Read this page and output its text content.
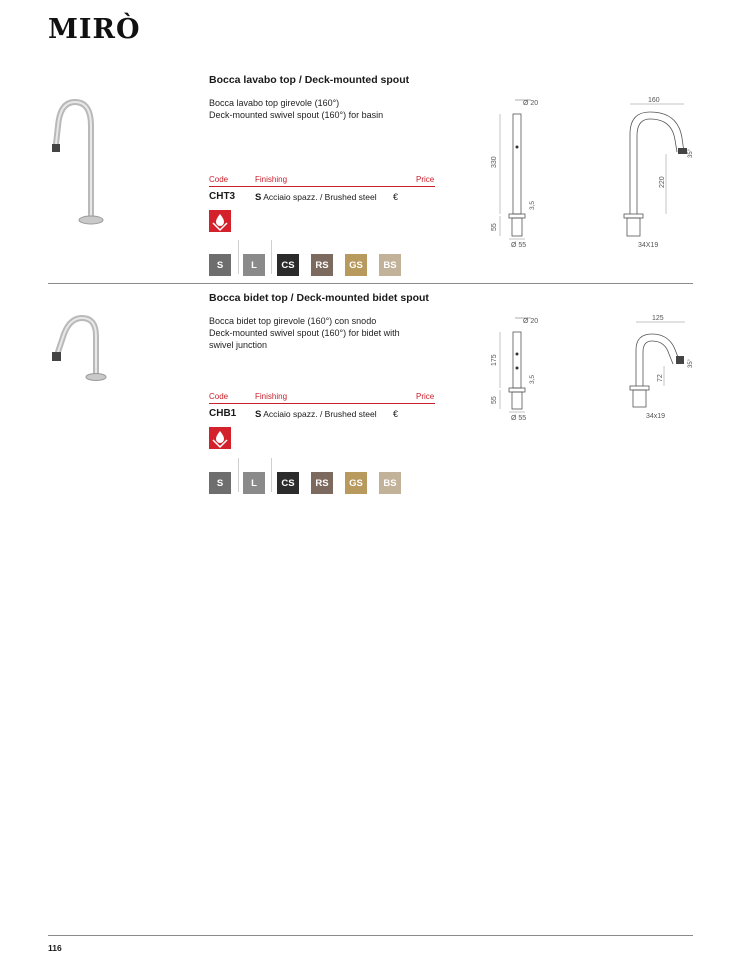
MIRÒ
Bocca lavabo top / Deck-mounted spout
Bocca lavabo top girevole (160°)
Deck-mounted swivel spout (160°) for basin
Code	Finishing	Price
CHT3 S Acciaio spazz. / Brushed steel €
S	L	CS	RS	GS	BS
Ø 20
330
3,5
55
Ø 55
160
220
35°
34X19
Bocca bidet top / Deck-mounted bidet spout
Bocca bidet top girevole (160°) con snodo
Deck-mounted swivel spout (160°) for bidet with
swivel junction
Code	Finishing	Price
CHB1 S Acciaio spazz. / Brushed steel €
S	L	CS	RS	GS	BS
Ø 20
175
3,5
55
Ø 55
125
72
35°
34x19
116
